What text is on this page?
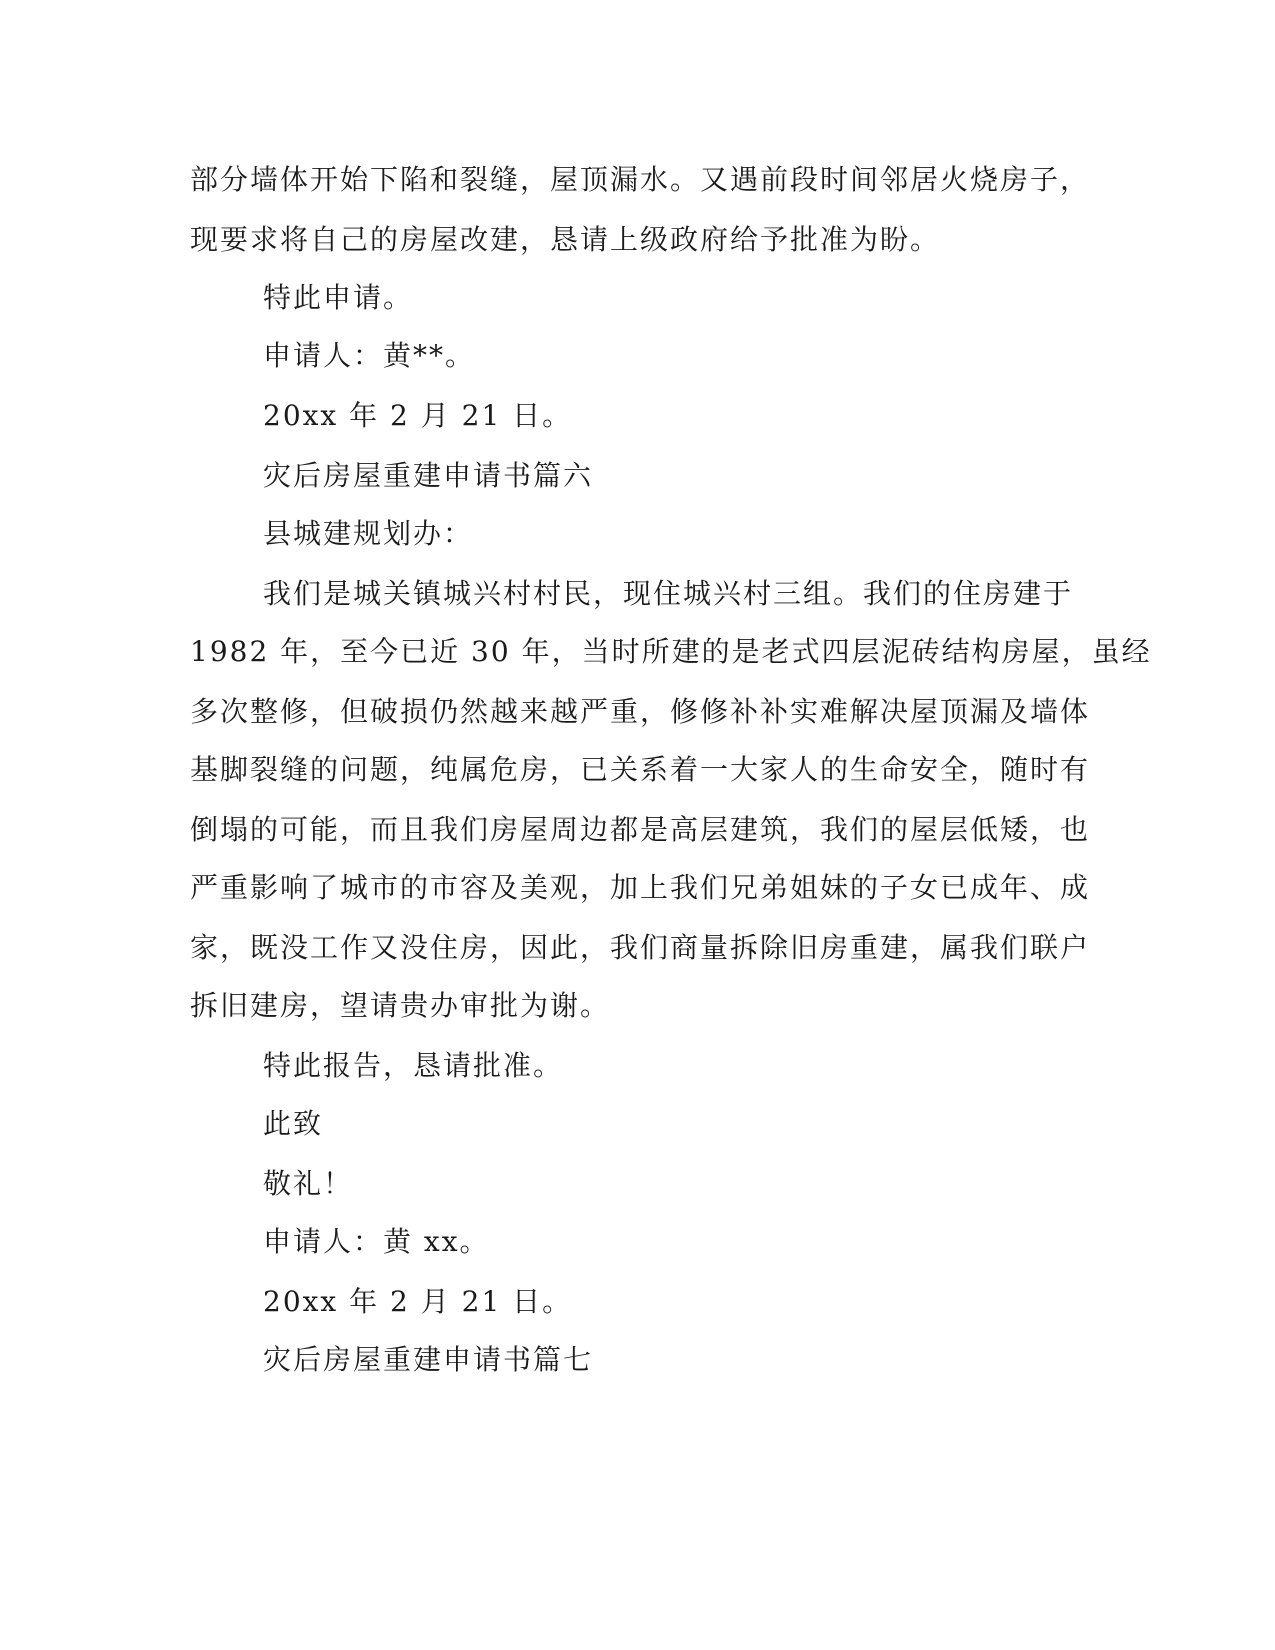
部分墙体开始下陷和裂缝，屋顶漏水。又遇前段时间邻居火烧房子，
现要求将自己的房屋改建，恳请上级政府给予批准为盼。
特此申请。
申请人：黄**。
20xx 年 2 月 21 日。
灾后房屋重建申请书篇六
县城建规划办：
我们是城关镇城兴村村民，现住城兴村三组。我们的住房建于
1982 年，至今已近 30 年，当时所建的是老式四层泥砖结构房屋，虽经
多次整修，但破损仍然越来越严重，修修补补实难解决屋顶漏及墙体
基脚裂缝的问题，纯属危房，已关系着一大家人的生命安全，随时有
倒塌的可能，而且我们房屋周边都是高层建筑，我们的屋层低矮，也
严重影响了城市的市容及美观，加上我们兄弟姐妹的子女已成年、成
家，既没工作又没住房，因此，我们商量拆除旧房重建，属我们联户
拆旧建房，望请贵办审批为谢。
特此报告，恳请批准。
此致
敬礼！
申请人：黄 xx。
20xx 年 2 月 21 日。
灾后房屋重建申请书篇七
